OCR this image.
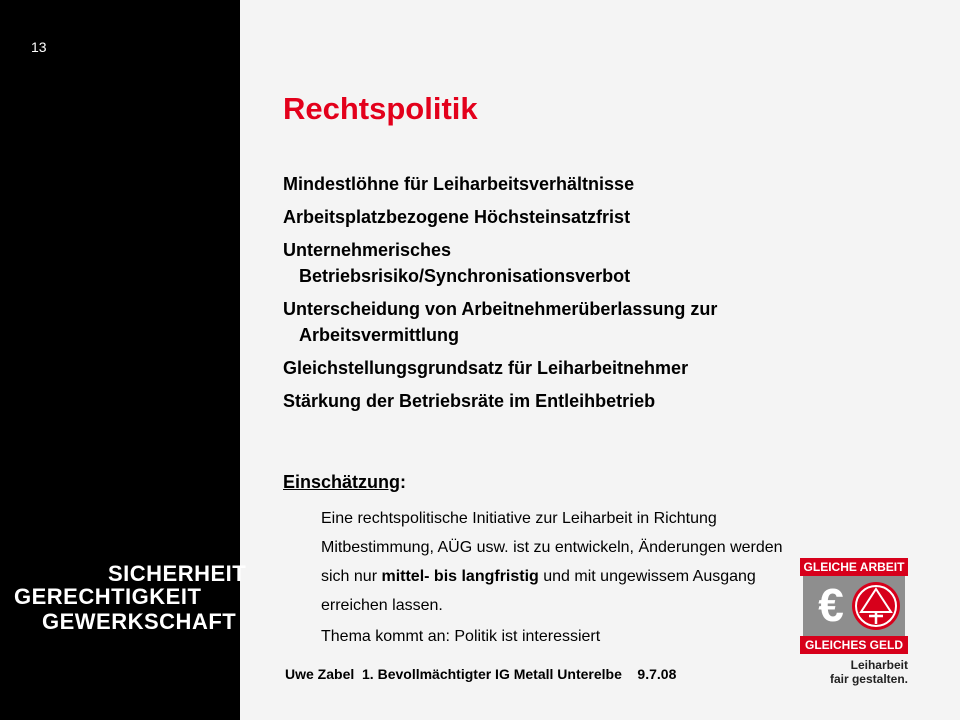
13
SICHERHEIT
GERECHTIGKEIT
GEWERKSCHAFT
Rechtspolitik
Mindestlöhne für Leiharbeitsverhältnisse
Arbeitsplatzbezogene Höchsteinsatzfrist
Unternehmerisches Betriebsrisiko/Synchronisationsverbot
Unterscheidung von Arbeitnehmerüberlassung zur Arbeitsvermittlung
Gleichstellungsgrundsatz für Leiharbeitnehmer
Stärkung der Betriebsräte im Entleihbetrieb
Einschätzung:

Eine rechtspolitische Initiative zur Leiharbeit in Richtung Mitbestimmung, AÜG usw. ist zu entwickeln, Änderungen werden sich nur mittel- bis langfristig und mit ungewissem Ausgang erreichen lassen.

Thema kommt an: Politik ist interessiert

Uwe Zabel  1. Bevollmächtigter IG Metall Unterelbe    9.7.08
GLEICHE ARBEIT
€
GLEICHES GELD
Leiharbeit
fair gestalten.
